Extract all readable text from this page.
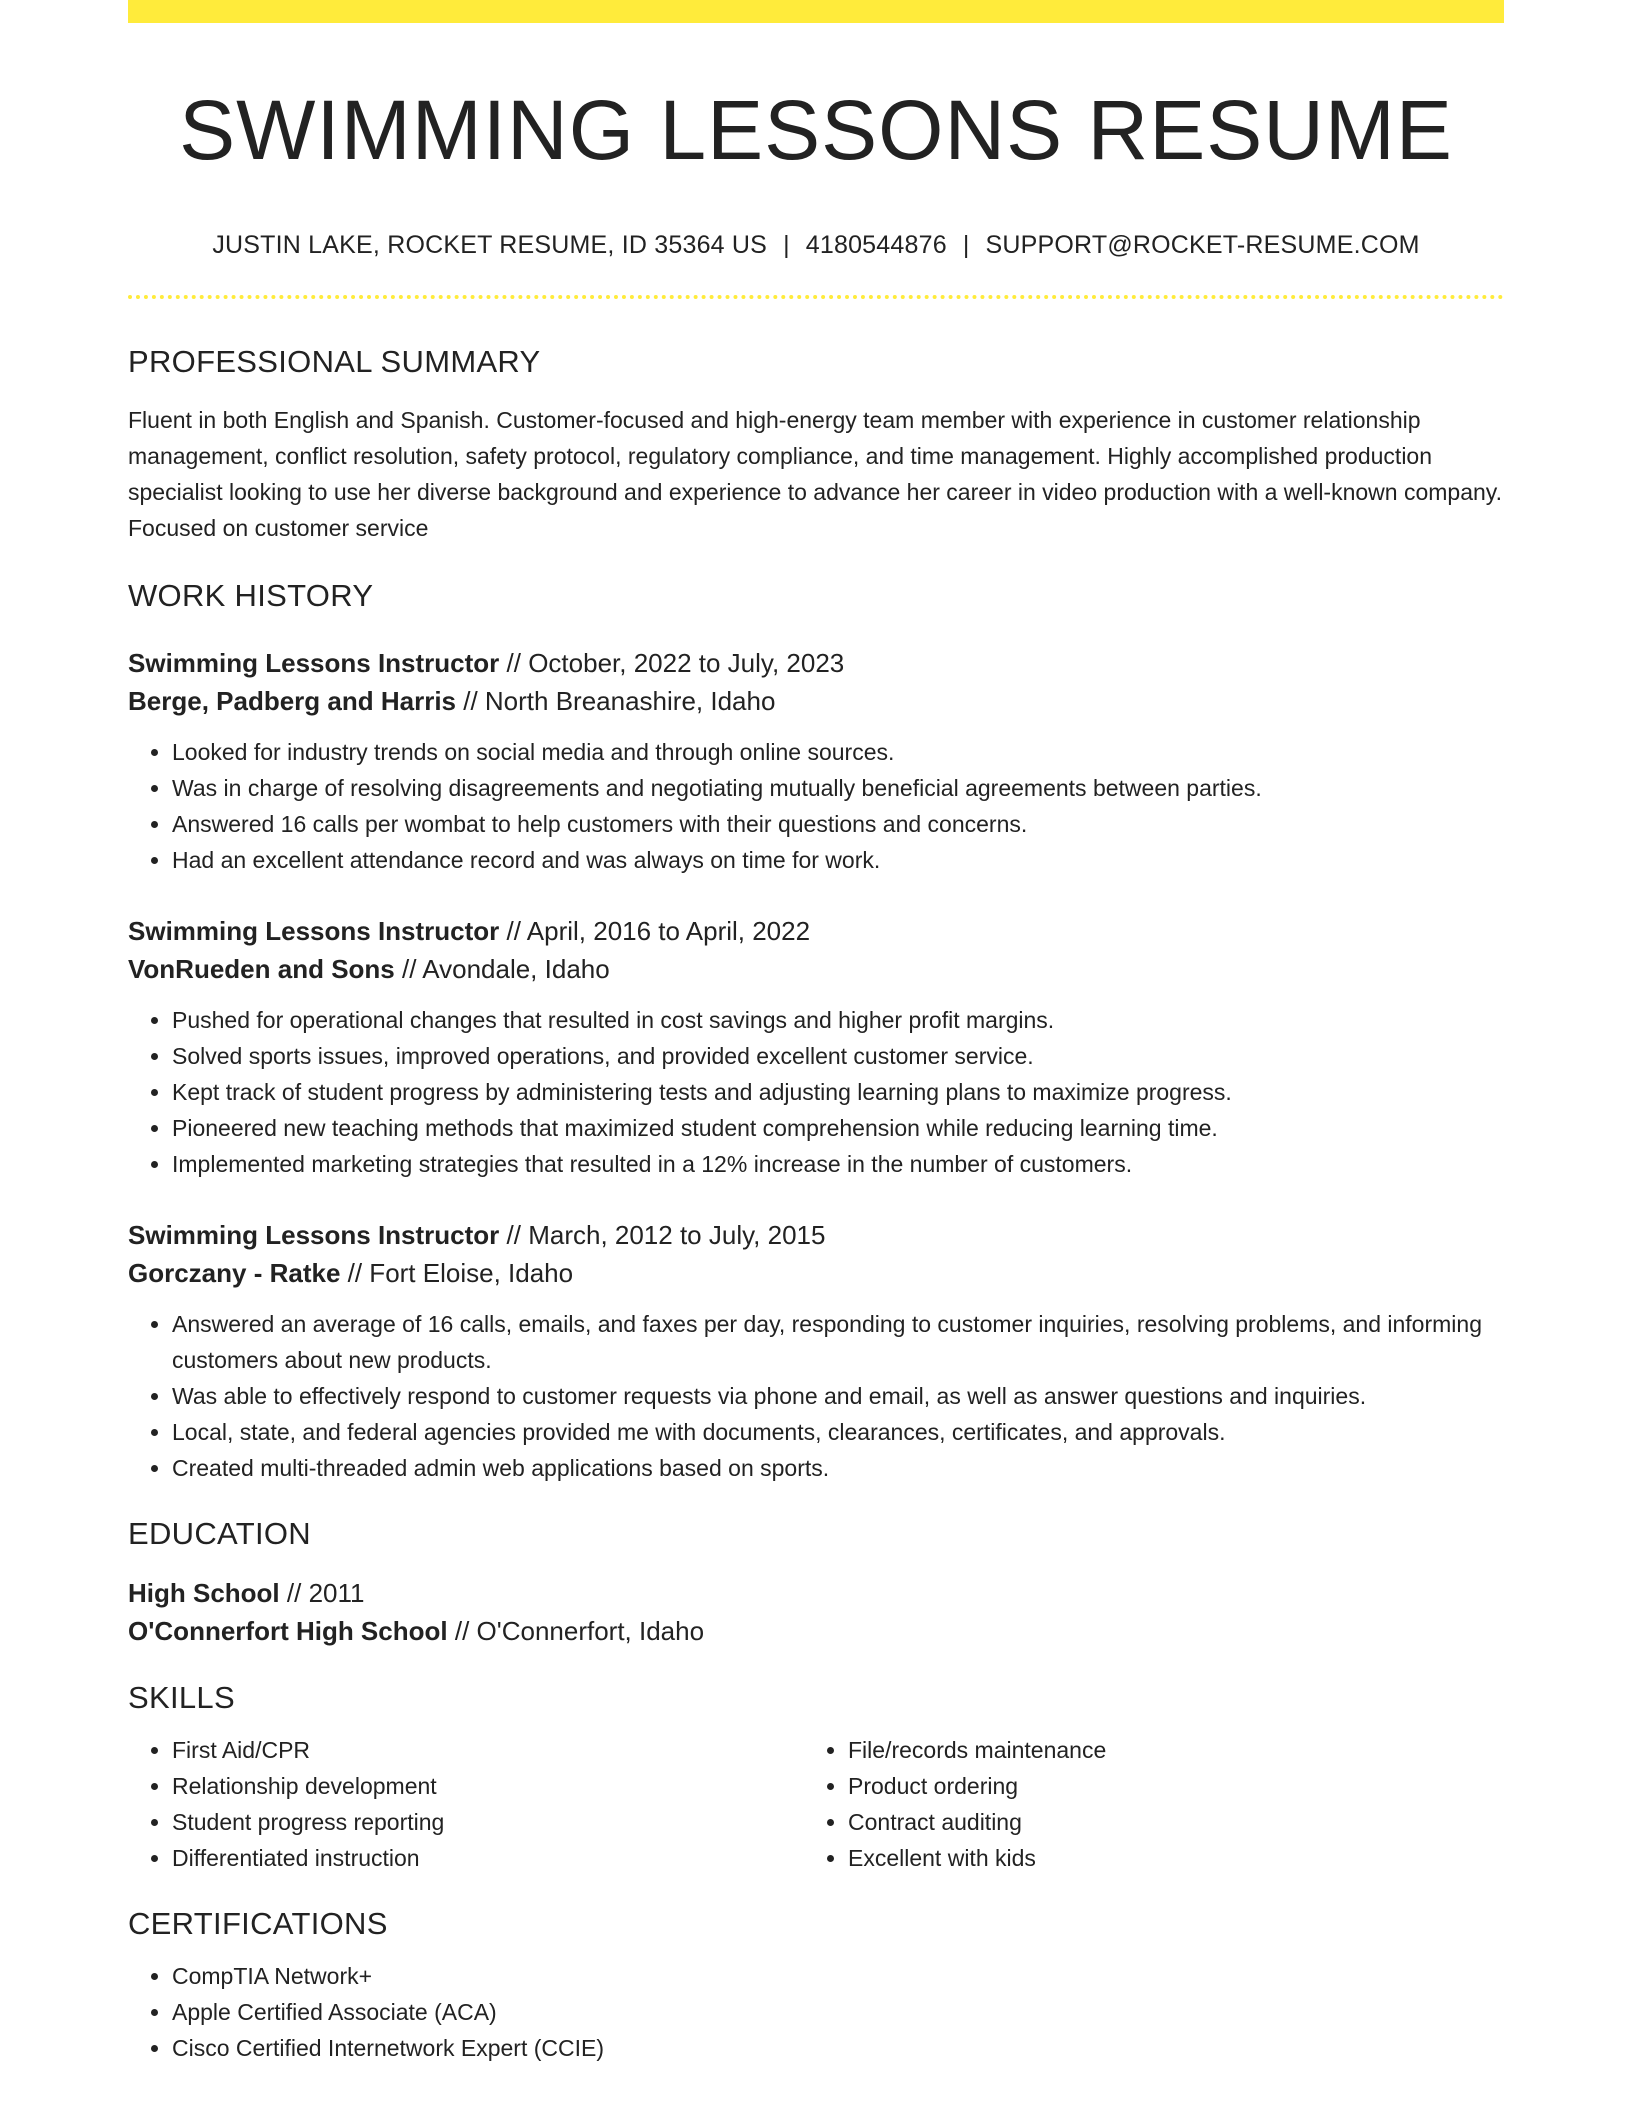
SWIMMING LESSONS RESUME
JUSTIN LAKE, ROCKET RESUME, ID 35364 US | 4180544876 | SUPPORT@ROCKET-RESUME.COM
PROFESSIONAL SUMMARY

Fluent in both English and Spanish. Customer-focused and high-energy team member with experience in customer relationship management, conflict resolution, safety protocol, regulatory compliance, and time management. Highly accomplished production specialist looking to use her diverse background and experience to advance her career in video production with a well-known company. Focused on customer service

WORK HISTORY
Swimming Lessons Instructor // October, 2022 to July, 2023
Berge, Padberg and Harris // North Breanashire, Idaho
• Looked for industry trends on social media and through online sources.
• Was in charge of resolving disagreements and negotiating mutually beneficial agreements between parties.
• Answered 16 calls per wombat to help customers with their questions and concerns.
• Had an excellent attendance record and was always on time for work.
Swimming Lessons Instructor // April, 2016 to April, 2022
VonRueden and Sons // Avondale, Idaho
• Pushed for operational changes that resulted in cost savings and higher profit margins.
• Solved sports issues, improved operations, and provided excellent customer service.
• Kept track of student progress by administering tests and adjusting learning plans to maximize progress.
• Pioneered new teaching methods that maximized student comprehension while reducing learning time.
• Implemented marketing strategies that resulted in a 12% increase in the number of customers.
Swimming Lessons Instructor // March, 2012 to July, 2015
Gorczany - Ratke // Fort Eloise, Idaho
• Answered an average of 16 calls, emails, and faxes per day, responding to customer inquiries, resolving problems, and informing customers about new products.
• Was able to effectively respond to customer requests via phone and email, as well as answer questions and inquiries.
• Local, state, and federal agencies provided me with documents, clearances, certificates, and approvals.
• Created multi-threaded admin web applications based on sports.
EDUCATION
High School // 2011
O'Connerfort High School // O'Connerfort, Idaho
SKILLS
• First Aid/CPR
• Relationship development
• Student progress reporting
• Differentiated instruction
• File/records maintenance
• Product ordering
• Contract auditing
• Excellent with kids
CERTIFICATIONS
• CompTIA Network+
• Apple Certified Associate (ACA)
• Cisco Certified Internetwork Expert (CCIE)
